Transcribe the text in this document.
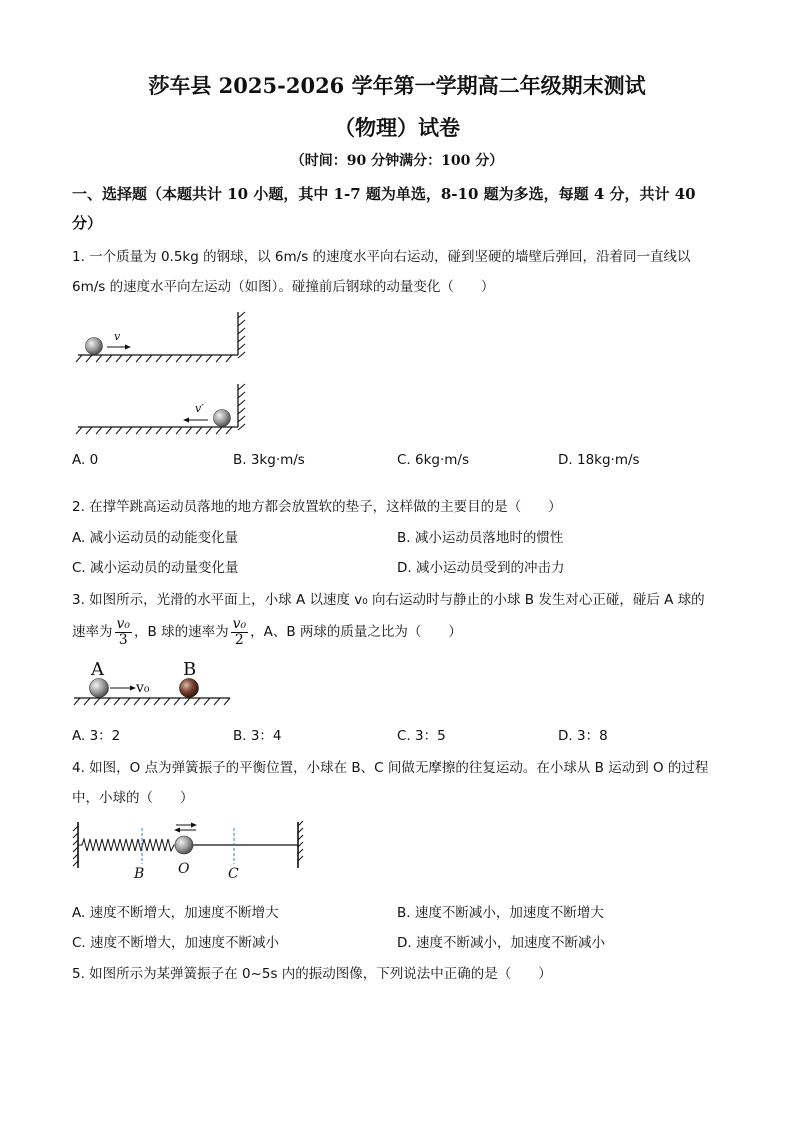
莎车县 2025-2026 学年第一学期高二年级期末测试
（物理）试卷
（时间：90 分钟满分：100 分）
一、选择题（本题共计 10 小题，其中 1-7 题为单选，8-10 题为多选，每题 4 分，共计 40
分）
1. 一个质量为 0.5kg 的钢球，以 6m/s 的速度水平向右运动，碰到坚硬的墙壁后弹回，沿着同一直线以
6m/s 的速度水平向左运动（如图）。碰撞前后钢球的动量变化（　　）
v
v′
A. 0	B. 3kg·m/s	C. 6kg·m/s	D. 18kg·m/s
2. 在撑竿跳高运动员落地的地方都会放置软的垫子，这样做的主要目的是（　　）
A. 减小运动员的动能变化量	B. 减小运动员落地时的惯性
C. 减小运动员的动量变化量	D. 减小运动员受到的冲击力
3. 如图所示，光滑的水平面上，小球 A 以速度 v₀ 向右运动时与静止的小球 B 发生对心正碰，碰后 A 球的
速率为 $\frac{\text{v₀}}{3}$ ，B 球的速率为 $\frac{\text{v₀}}{2}$ ，A、B 两球的质量之比为（　　）
A	B
v₀
A. 3：2	B. 3：4	C. 3：5	D. 3：8
4. 如图，O 点为弹簧振子的平衡位置，小球在 B、C 间做无摩擦的往复运动。在小球从 B 运动到 O 的过程
中，小球的（　　）
B O	C
A. 速度不断增大，加速度不断增大	B. 速度不断减小，加速度不断增大
C. 速度不断增大，加速度不断减小	D. 速度不断减小，加速度不断减小
5. 如图所示为某弹簧振子在 0~5s 内的振动图像，下列说法中正确的是（　　）
